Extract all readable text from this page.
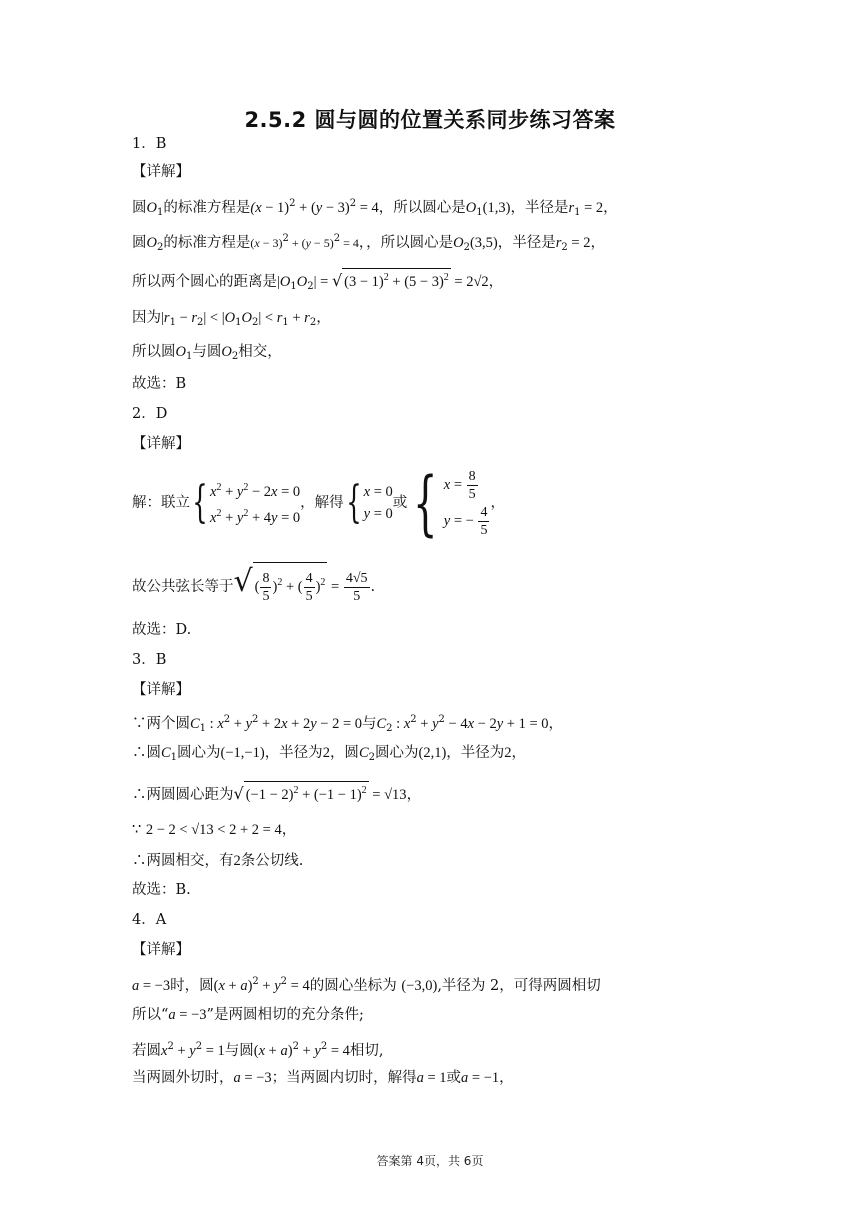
2.5.2 圆与圆的位置关系同步练习答案
1．B
【详解】
圆$O_1$的标准方程是$(x - 1)^2 + (y - 3)^2 = 4$，所以圆心是$O_1(1,3)$，半径是$r_1 = 2$，
圆$O_2$的标准方程是$(x - 3)^2 + (y - 5)^2 = 4$，，所以圆心是$O_2(3,5)$，半径是$r_2 = 2$，
所以两个圆心的距离是$|O_1O_2|$ = √ $(3 - 1)^2 + (5 - 3)^2 = 2√2$，
因为$|r_1 - r_2| < |O_1O_2| < r_1 + r_2$，
所以圆$O_1$与圆$O_2$相交，
故选：B
2．D
【详解】
解：联立{ $x^2 + y^2 - 2x = 0$
$x^2 + y^2 + 4y = 0$
，解得{ x = 0
y = 0
或{ $x = \frac{8}{5}$
y = − $\frac{4}{5}$
，
故公共弦长等于√ ( $\frac{8}{5} )^2$ + ( $\frac{4}{5} )^2 = \frac{4√5}{5}$ .
故选：D.
3．B
【详解】
∵两个圆$C_1$ : $x^2 + y^2 + 2x + 2y - 2 = 0$与$C_2$ : $x^2 + y^2 - 4x - 2y + 1 = 0$，
∴圆$C_1$圆心为(−1,−1)，半径为2，圆$C_2$圆心为(2,1)，半径为2，
∴两圆圆心距为√ $(-1 - 2)^2 + (-1 - 1)^2 = √13$，
∵ 2 − 2 < √13 < 2 + 2 = 4，
∴两圆相交，有2条公切线.
故选：B.
4．A
【详解】
a = −3时，圆$(x + a)^2 + y^2 = 4$的圆心坐标为 (−3,0),半径为 2，可得两圆相切
所以“a = −3”是两圆相切的充分条件;
若圆$x^2 + y^2 = 1$与圆$(x + a)^2 + y^2 = 4$相切,
当两圆外切时，a = −3；当两圆内切时，解得a = 1或a = −1，
答案第 4页，共 6页
